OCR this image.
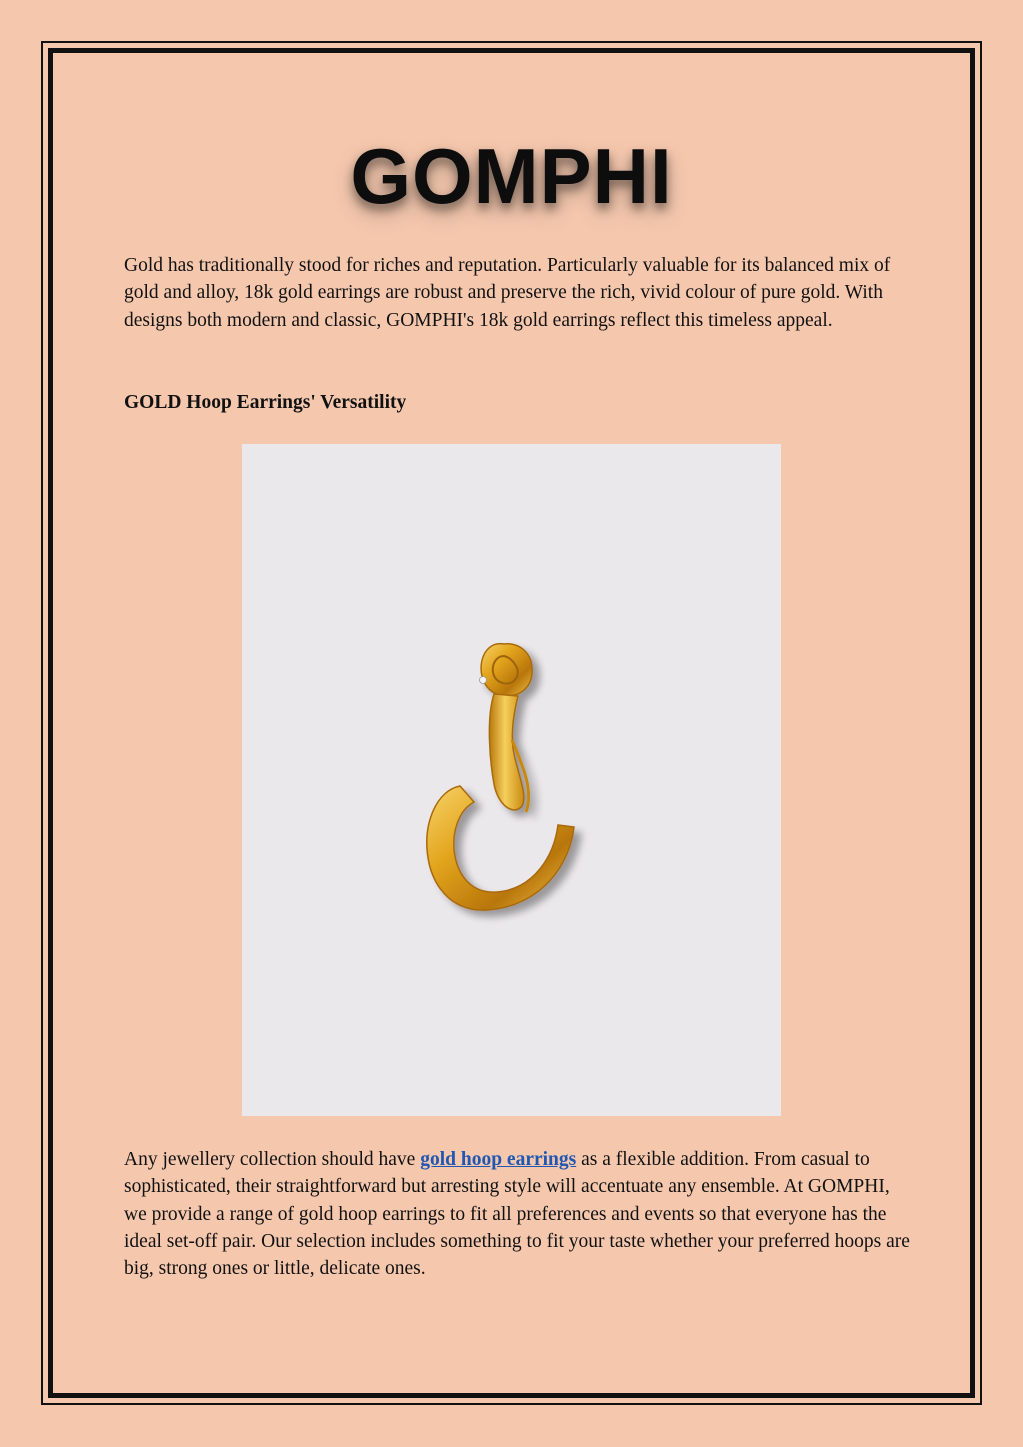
GOMPHI

Gold has traditionally stood for riches and reputation. Particularly valuable for its balanced mix of gold and alloy, 18k gold earrings are robust and preserve the rich, vivid colour of pure gold. With designs both modern and classic, GOMPHI's 18k gold earrings reflect this timeless appeal.

GOLD Hoop Earrings' Versatility

Any jewellery collection should have gold hoop earrings as a flexible addition. From casual to sophisticated, their straightforward but arresting style will accentuate any ensemble. At GOMPHI, we provide a range of gold hoop earrings to fit all preferences and events so that everyone has the ideal set-off pair. Our selection includes something to fit your taste whether your preferred hoops are big, strong ones or little, delicate ones.
